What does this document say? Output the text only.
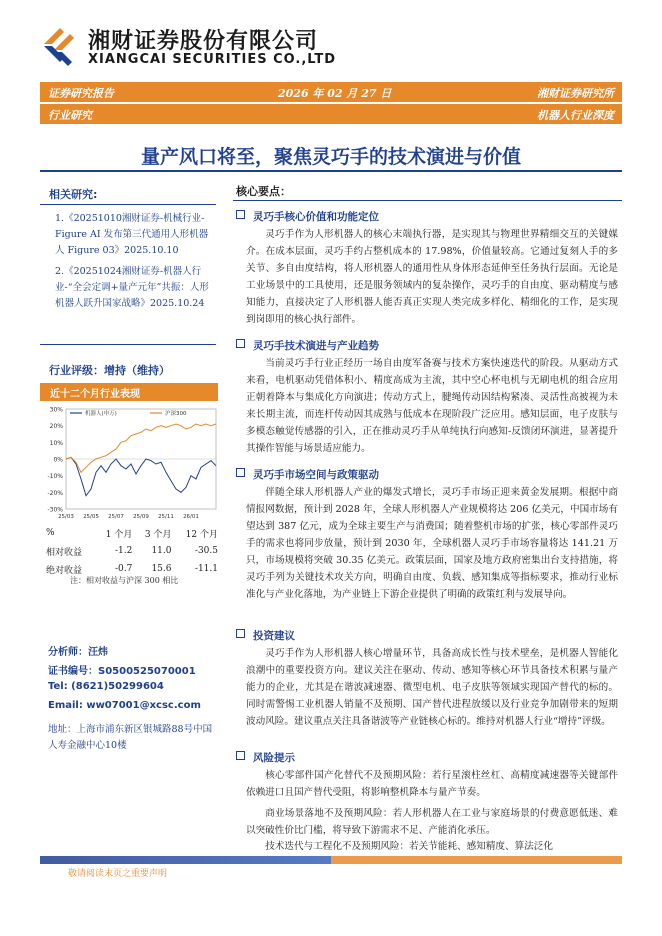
湘财证券股份有限公司
XIANGCAI SECURITIES CO.,LTD
证券研究报告	2026 年 02 月 27 日	湘财证券研究所
行业研究	机器人行业深度
量产风口将至，聚焦灵巧手的技术演进与价值
相关研究:
1.《20251010湘财证券-机械行业-Figure AI 发布第三代通用人形机器人 Figure 03》2025.10.10
2.《20251024湘财证券-机器人行业-“全会定调+量产元年”共振：人形机器人跃升国家战略》2025.10.24
行业评级：增持（维持）
近十二个月行业表现
30%
20%
10%
0%
-10%
-20%
-30%
25/03 25/05 25/07 25/09 25/11 26/01
机器人(申万)	沪深300
%	1 个月	3 个月	12 个月
相对收益	-1.2	11.0	-30.5
绝对收益	-0.7	15.6	-11.1
注：相对收益与沪深 300 相比
分析师：汪炜
证书编号：S0500525070001
Tel: (8621)50299604
Email: ww07001@xcsc.com
地址：上海市浦东新区银城路88号中国人寿金融中心10楼
核心要点：
灵巧手核心价值和功能定位
灵巧手作为人形机器人的核心末端执行器，是实现其与物理世界精细交互的关键媒介。在成本层面，灵巧手约占整机成本的 17.98%，价值量较高。它通过复刻人手的多关节、多自由度结构，将人形机器人的通用性从身体形态延伸至任务执行层面。无论是工业场景中的工具使用，还是服务领域内的复杂操作，灵巧手的自由度、驱动精度与感知能力，直接决定了人形机器人能否真正实现人类完成多样化、精细化的工作，是实现到岗即用的核心执行部件。
灵巧手技术演进与产业趋势
当前灵巧手行业正经历一场自由度军备赛与技术方案快速迭代的阶段。从驱动方式来看，电机驱动凭借体积小、精度高成为主流，其中空心杯电机与无刷电机的组合应用正朝着降本与集成化方向演进；传动方式上，腱绳传动因结构紧凑、灵活性高被视为未来长期主流，而连杆传动因其成熟与低成本在现阶段广泛应用。感知层面，电子皮肤与多模态触觉传感器的引入，正在推动灵巧手从单纯执行向感知-反馈闭环演进，显著提升其操作智能与场景适应能力。
灵巧手市场空间与政策驱动
伴随全球人形机器人产业的爆发式增长，灵巧手市场正迎来黄金发展期。根据中商情报网数据，预计到 2028 年，全球人形机器人产业规模将达 206 亿美元，中国市场有望达到 387 亿元，成为全球主要生产与消费国；随着整机市场的扩张，核心零部件灵巧手的需求也将同步放量，预计到 2030 年，全球机器人灵巧手市场容量将达 141.21 万只，市场规模将突破 30.35 亿美元。政策层面，国家及地方政府密集出台支持措施，将灵巧手列为关键技术攻关方向，明确自由度、负载、感知集成等指标要求，推动行业标准化与产业化落地，为产业链上下游企业提供了明确的政策红利与发展导向。
投资建议
灵巧手作为人形机器人核心增量环节，具备高成长性与技术壁垒，是机器人智能化浪潮中的重要投资方向。建议关注在驱动、传动、感知等核心环节具备技术积累与量产能力的企业，尤其是在谐波减速器、微型电机、电子皮肤等领域实现国产替代的标的。同时需警惕工业机器人销量不及预期、国产替代进程放缓以及行业竞争加剧带来的短期波动风险。建议重点关注具备谐波等产业链核心标的。维持对机器人行业“增持”评级。
风险提示
核心零部件国产化替代不及预期风险：若行星滚柱丝杠、高精度减速器等关键部件依赖进口且国产替代受阻，将影响整机降本与量产节奏。
商业场景落地不及预期风险：若人形机器人在工业与家庭场景的付费意愿低迷、难以突破性价比门槛，将导致下游需求不足、产能消化承压。
技术迭代与工程化不及预期风险：若关节能耗、感知精度、算法泛化
敬请阅读末页之重要声明
